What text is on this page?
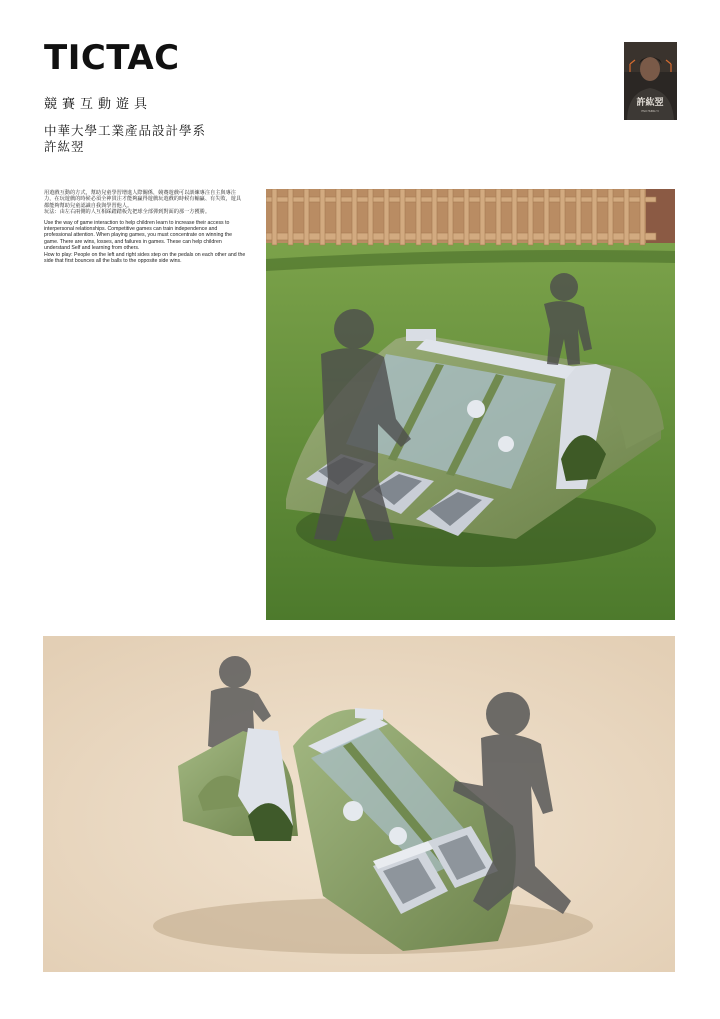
TICTAC
競賽互動遊具
中華大學工業產品設計學系
許紘翌
許紘翌
HSU HUNG YI

用遊戲互動的方式，幫助兒童學習增進人際關係，競賽遊戲可以訓練專注自主與專注力，在玩遊戲的時候必須全神貫注才能夠贏得遊戲玩遊戲的時候有輸贏、有失敗，遊具都能夠幫助兒童認識自我與學習他人。
玩法：由左右兩側的人互相踩踏踏板先把球全部彈到對面的那一方獲勝。

Use the way of game interaction to help children learn to increase their access to interpersonal relationships. Competitive games can train independence and professional attention. When playing games, you must concentrate on winning the game. There are wins, losses, and failures in games. These can help children understand Self and learning from others.
How to play: People on the left and right sides step on the pedals on each other and the side that first bounces all the balls to the opposite side wins.
